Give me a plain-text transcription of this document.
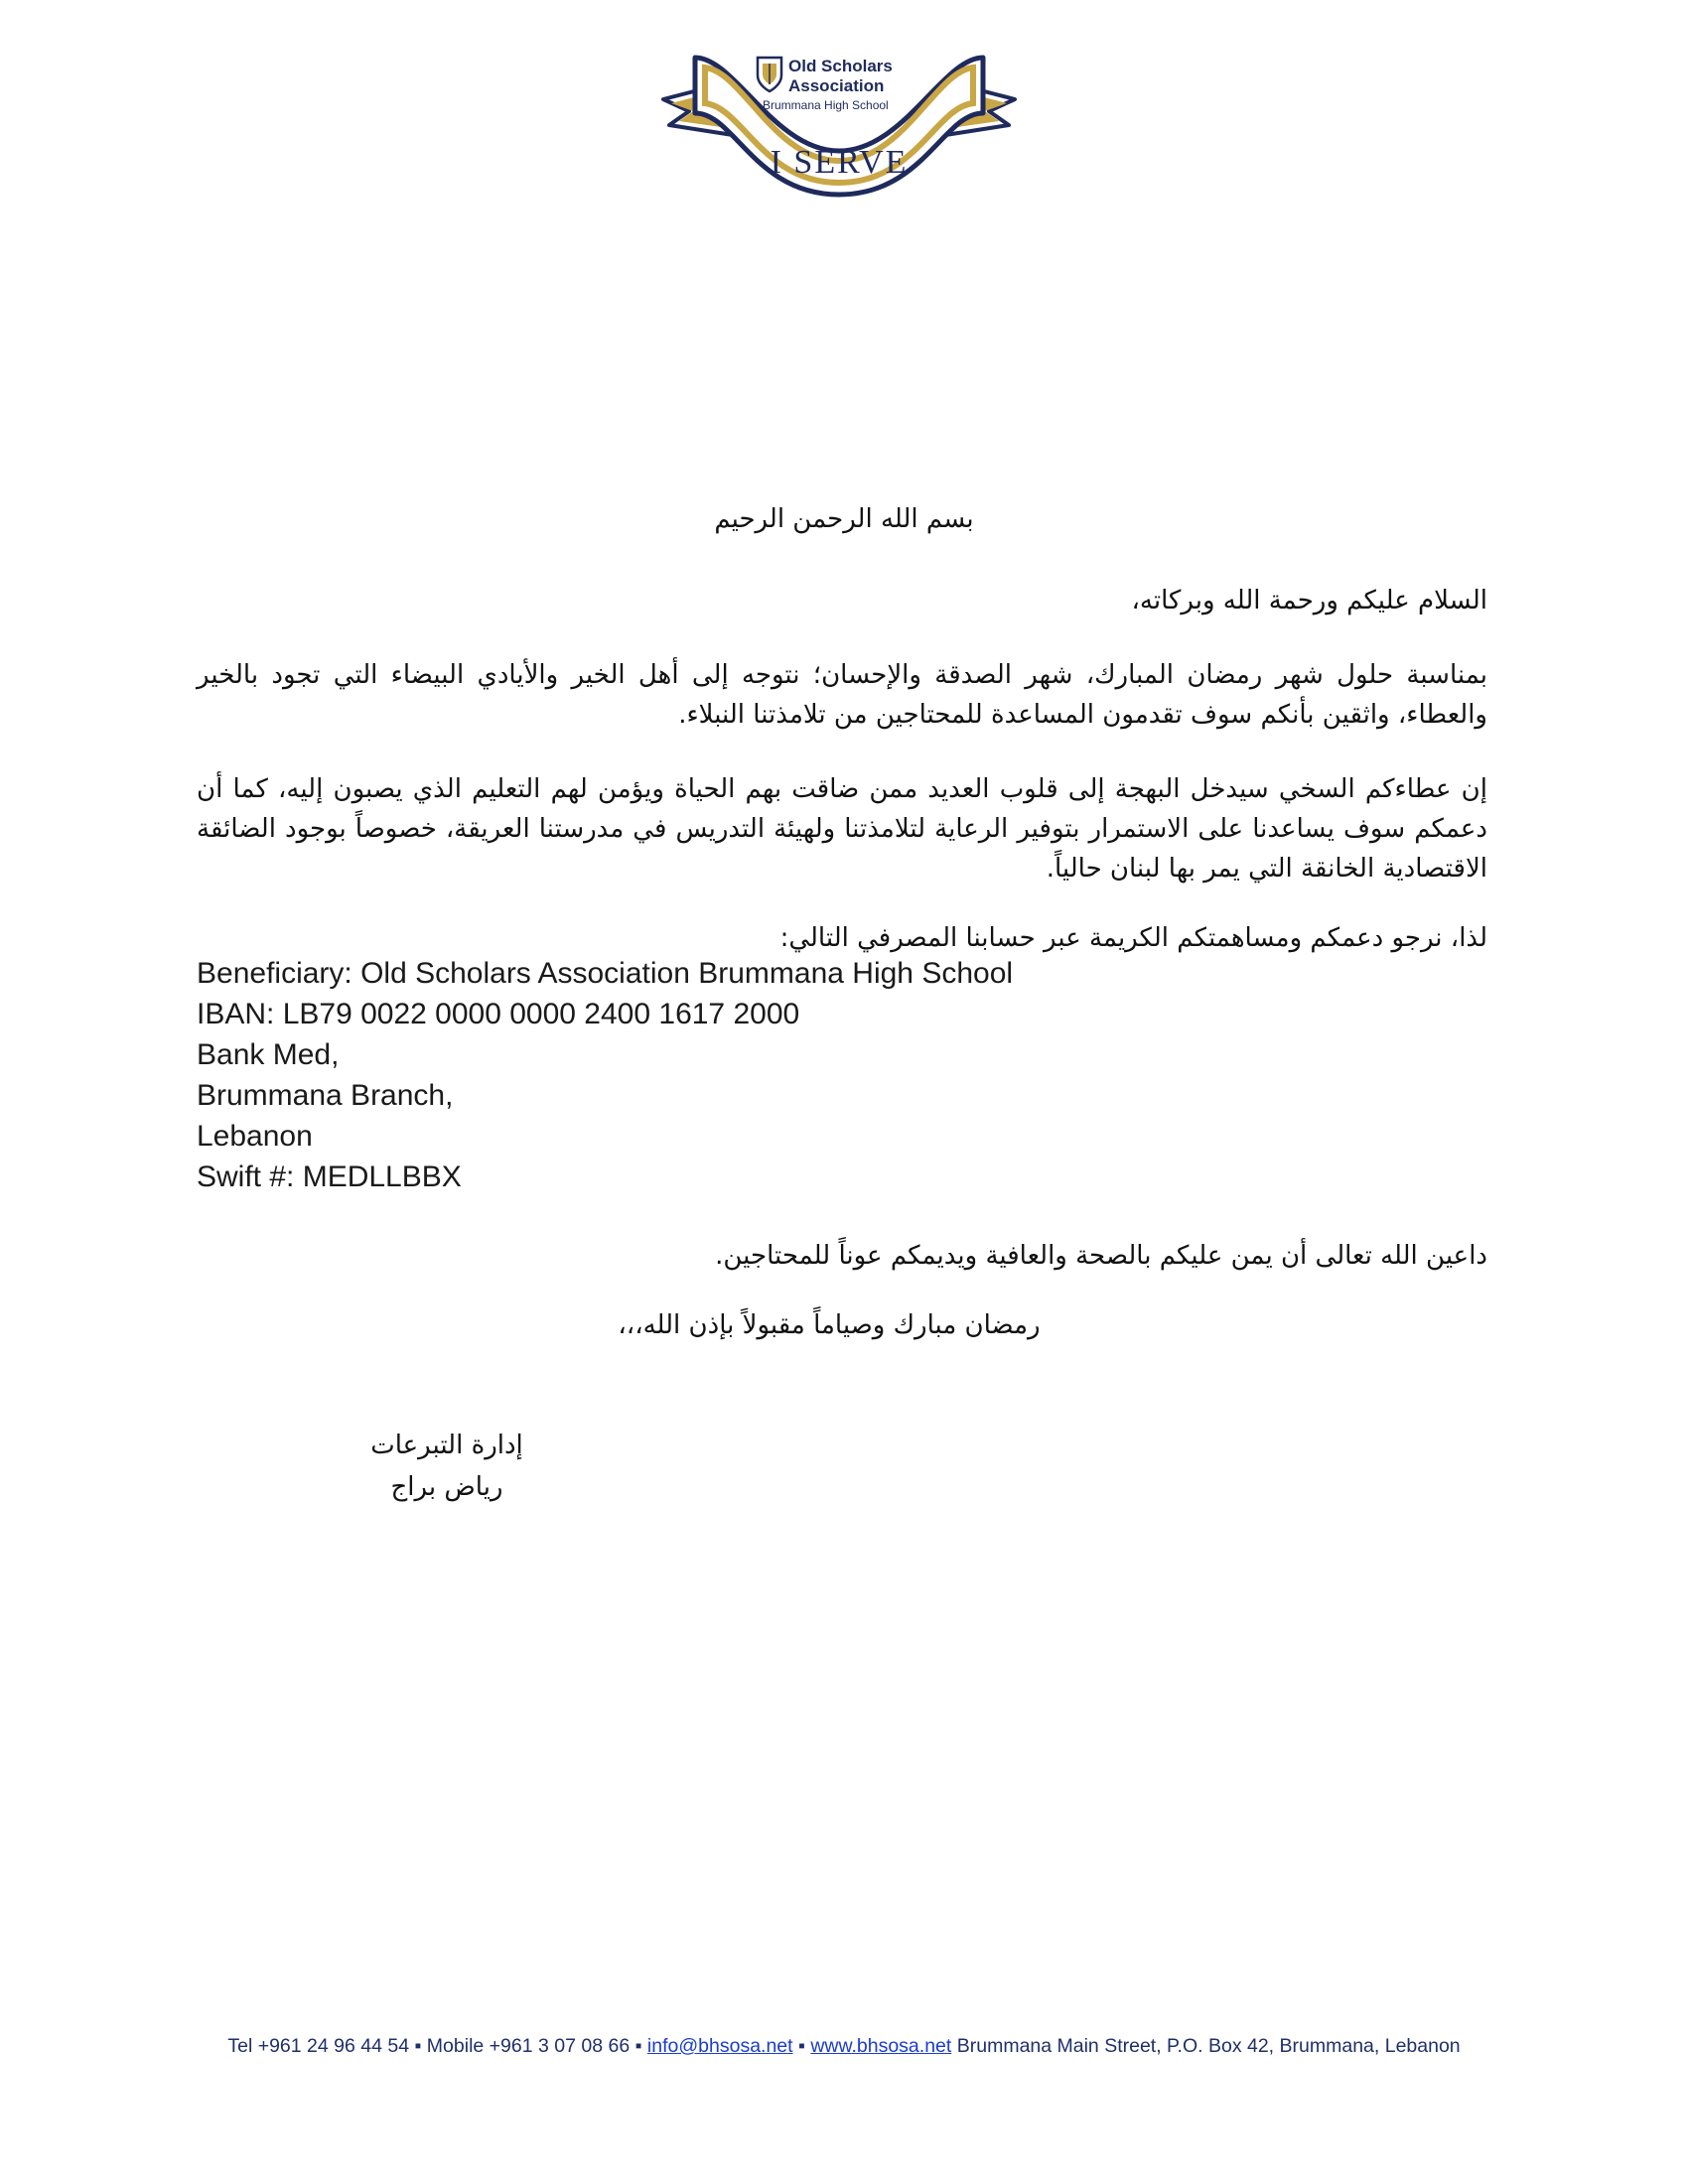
Old Scholars
Association
Brummana High School
I SERVE
بسم الله الرحمن الرحيم
السلام عليكم ورحمة الله وبركاته،
بمناسبة حلول شهر رمضان المبارك، شهر الصدقة والإحسان؛ نتوجه إلى أهل الخير والأيادي البيضاء التي تجود بالخير والعطاء، واثقين بأنكم سوف تقدمون المساعدة للمحتاجين من تلامذتنا النبلاء.
إن عطاءكم السخي سيدخل البهجة إلى قلوب العديد ممن ضاقت بهم الحياة ويؤمن لهم التعليم الذي يصبون إليه، كما أن دعمكم سوف يساعدنا على الاستمرار بتوفير الرعاية لتلامذتنا ولهيئة التدريس في مدرستنا العريقة، خصوصاً بوجود الضائقة الاقتصادية الخانقة التي يمر بها لبنان حالياً.
لذا، نرجو دعمكم ومساهمتكم الكريمة عبر حسابنا المصرفي التالي:
Beneficiary: Old Scholars Association Brummana High School
IBAN: LB79 0022 0000 0000 2400 1617 2000
Bank Med,
Brummana Branch,
Lebanon
Swift #: MEDLLBBX
داعين الله تعالى أن يمن عليكم بالصحة والعافية ويديمكم عوناً للمحتاجين.
رمضان مبارك وصياماً مقبولاً بإذن الله،،،
إدارة التبرعات
رياض براج
Tel +961 24 96 44 54 ▪ Mobile +961 3 07 08 66 ▪ info@bhsosa.net ▪ www.bhsosa.net Brummana Main Street, P.O. Box 42, Brummana, Lebanon
